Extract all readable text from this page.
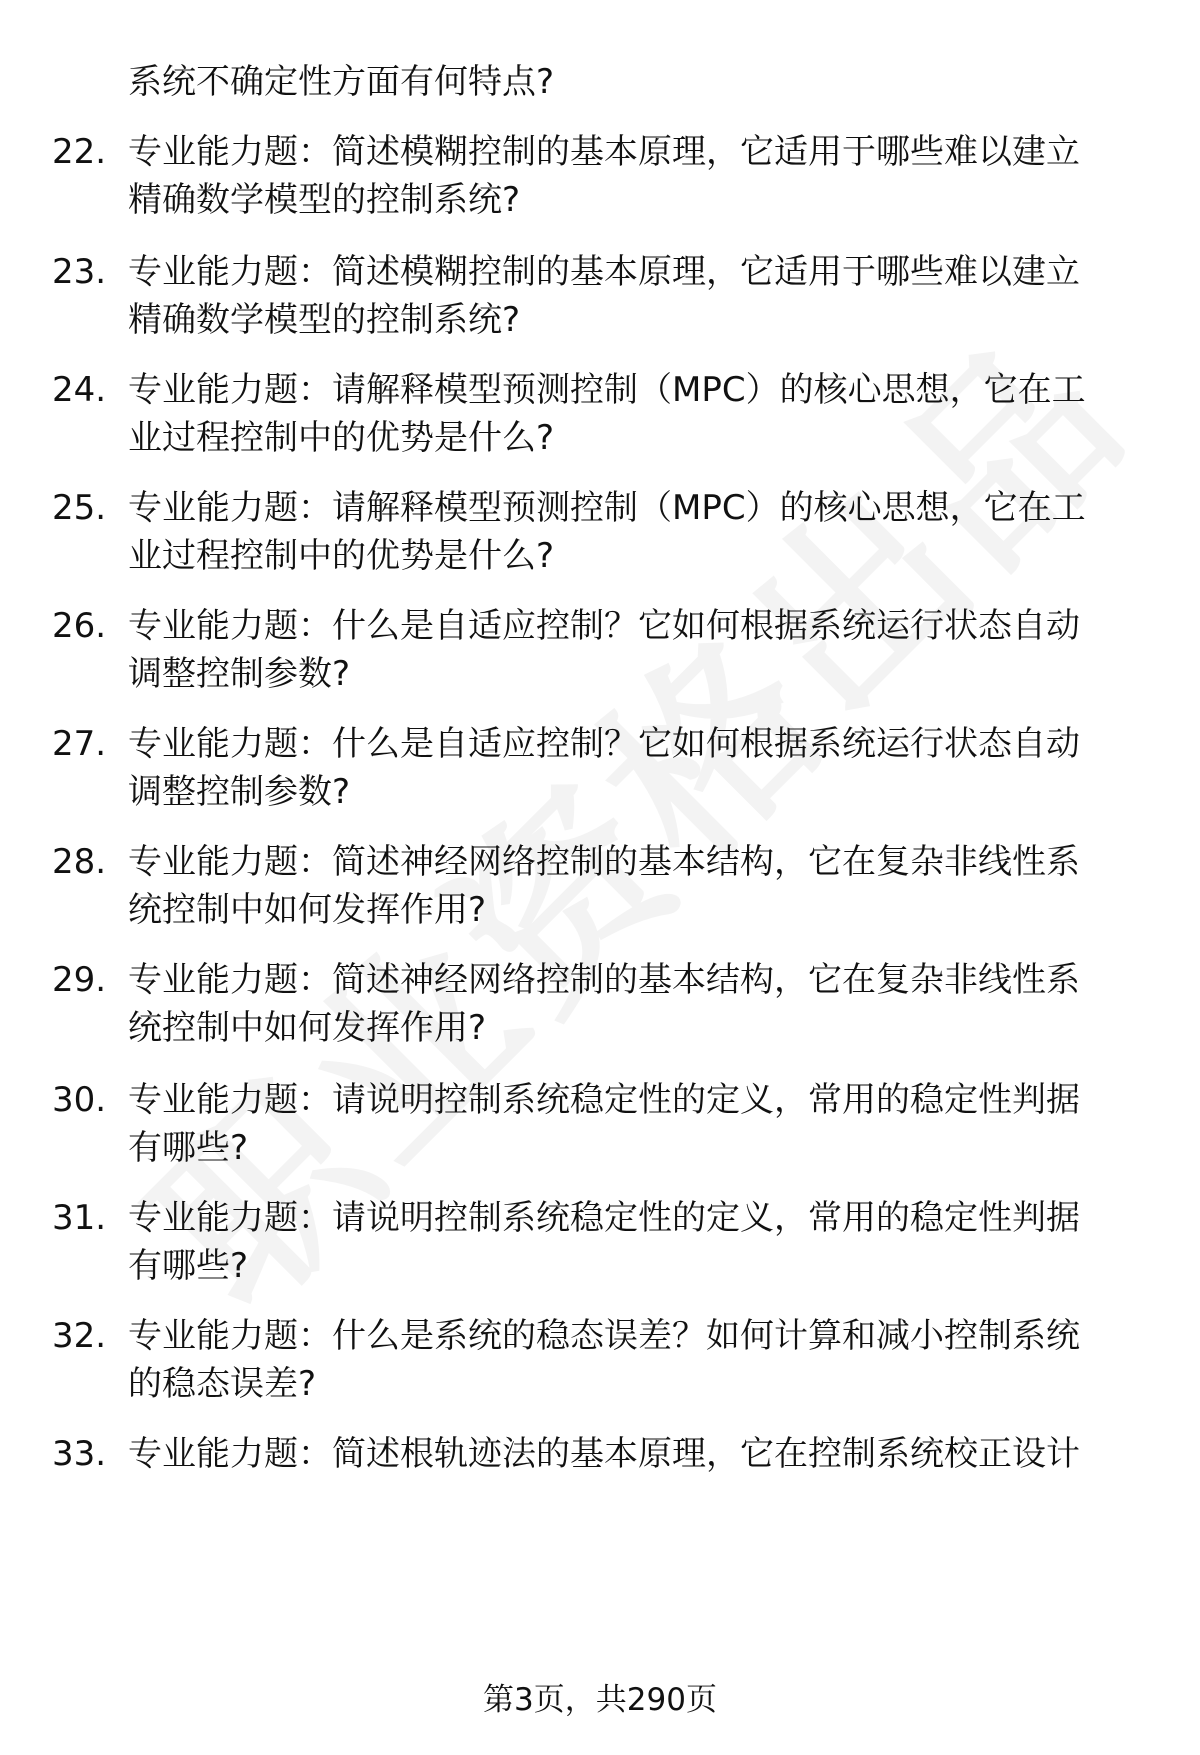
系统不确定性方面有何特点?
22. 专业能力题：简述模糊控制的基本原理，它适用于哪些难以建立
精确数学模型的控制系统?
23. 专业能力题：简述模糊控制的基本原理，它适用于哪些难以建立
精确数学模型的控制系统?
24. 专业能力题：请解释模型预测控制（MPC）的核心思想，它在工
业过程控制中的优势是什么?
25. 专业能力题：请解释模型预测控制（MPC）的核心思想，它在工
业过程控制中的优势是什么?
26. 专业能力题：什么是自适应控制？它如何根据系统运行状态自动
调整控制参数?
27. 专业能力题：什么是自适应控制？它如何根据系统运行状态自动
调整控制参数?
28. 专业能力题：简述神经网络控制的基本结构，它在复杂非线性系
统控制中如何发挥作用?
29. 专业能力题：简述神经网络控制的基本结构，它在复杂非线性系
统控制中如何发挥作用?
30. 专业能力题：请说明控制系统稳定性的定义，常用的稳定性判据
有哪些?
31. 专业能力题：请说明控制系统稳定性的定义，常用的稳定性判据
有哪些?
32. 专业能力题：什么是系统的稳态误差？如何计算和减小控制系统
的稳态误差?
33. 专业能力题：简述根轨迹法的基本原理，它在控制系统校正设计
第3页，共290页
